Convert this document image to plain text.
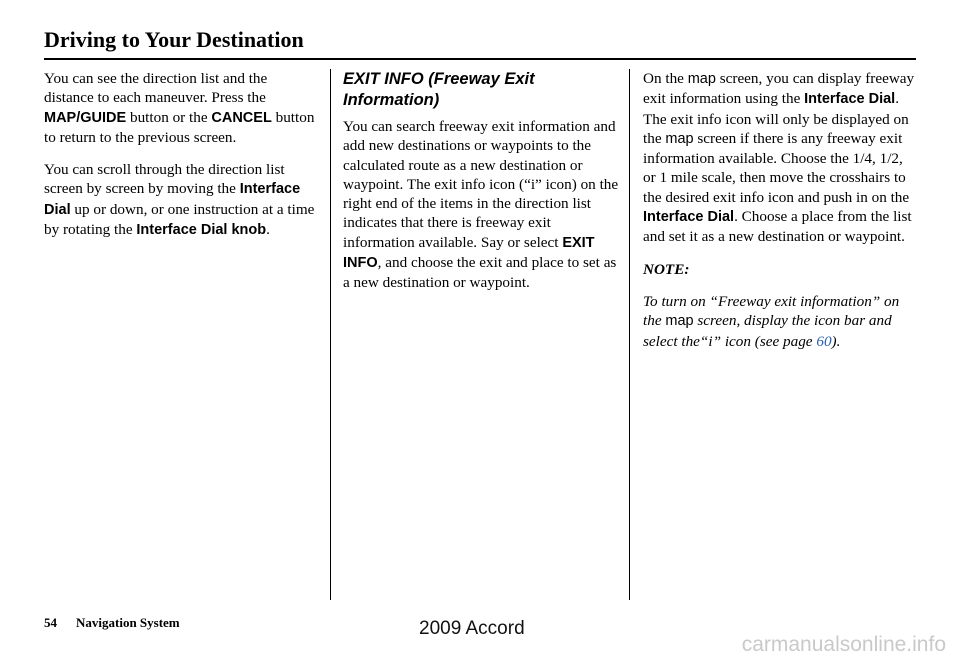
Driving to Your Destination

You can see the direction list and the distance to each maneuver. Press the MAP/GUIDE button or the CANCEL button to return to the previous screen.

You can scroll through the direction list screen by screen by moving the Interface Dial up or down, or one instruction at a time by rotating the Interface Dial knob.

EXIT INFO (Freeway Exit Information)

You can search freeway exit information and add new destinations or waypoints to the calculated route as a new destination or waypoint. The exit info icon (“i” icon) on the right end of the items in the direction list indicates that there is freeway exit information available. Say or select EXIT INFO, and choose the exit and place to set as a new destination or waypoint.

On the map screen, you can display freeway exit information using the Interface Dial. The exit info icon will only be displayed on the map screen if there is any freeway exit information available. Choose the 1/4, 1/2, or 1 mile scale, then move the crosshairs to the desired exit info icon and push in on the Interface Dial. Choose a place from the list and set it as a new destination or waypoint.

NOTE:

To turn on “Freeway exit information” on the map screen, display the icon bar and select the“i” icon (see page 60).

54 Navigation System	2009 Accord
carmanualsonline.info
